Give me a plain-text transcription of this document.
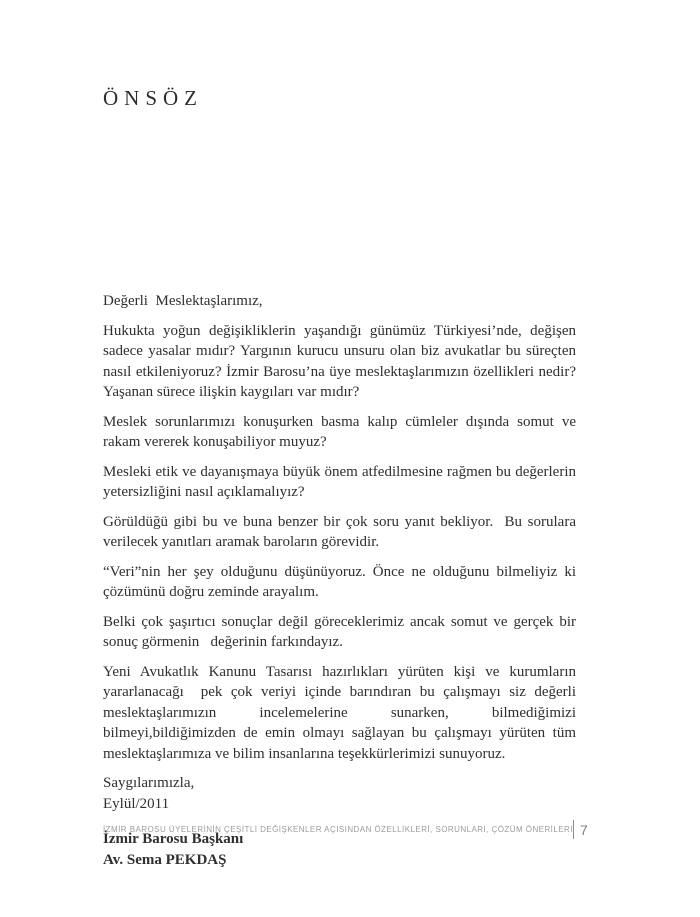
ÖNSÖZ

Değerli  Meslektaşlarımız,

Hukukta yoğun değişikliklerin yaşandığı günümüz Türkiyesi’nde, değişen sadece yasalar mıdır? Yargının kurucu unsuru olan biz avukatlar bu süreçten nasıl etkileniyoruz? İzmir Barosu’na üye meslektaşlarımızın özellikleri nedir? Yaşanan sürece ilişkin kaygıları var mıdır?

Meslek sorunlarımızı konuşurken basma kalıp cümleler dışında somut ve rakam vererek konuşabiliyor muyuz?

Mesleki etik ve dayanışmaya büyük önem atfedilmesine rağmen bu değerlerin yetersizliğini nasıl açıklamalıyız?

Görüldüğü gibi bu ve buna benzer bir çok soru yanıt bekliyor.  Bu sorulara  verilecek yanıtları aramak baroların görevidir.

“Veri”nin her şey olduğunu düşünüyoruz. Önce ne olduğunu bilmeliyiz ki çözümünü doğru zeminde arayalım.

Belki çok şaşırtıcı sonuçlar değil göreceklerimiz ancak somut ve gerçek bir sonuç görmenin   değerinin farkındayız.

Yeni Avukatlık Kanunu Tasarısı hazırlıkları yürüten kişi ve kurumların yararlanacağı  pek çok veriyi içinde barındıran bu çalışmayı siz değerli meslektaşlarımızın incelemelerine sunarken, bilmediğimizi bilmeyi,bildiğimizden de emin olmayı sağlayan bu çalışmayı yürüten tüm meslektaşlarımıza ve bilim insanlarına teşekkürlerimizi sunuyoruz.

Saygılarımızla,

Eylül/2011

İzmir Barosu Başkanı

Av. Sema PEKDAŞ

İZMİR BAROSU ÜYELERİNİN ÇEŞİTLİ DEĞİŞKENLER AÇISINDAN ÖZELLİKLERİ, SORUNLARI, ÇÖZÜM ÖNERİLERİ 7
